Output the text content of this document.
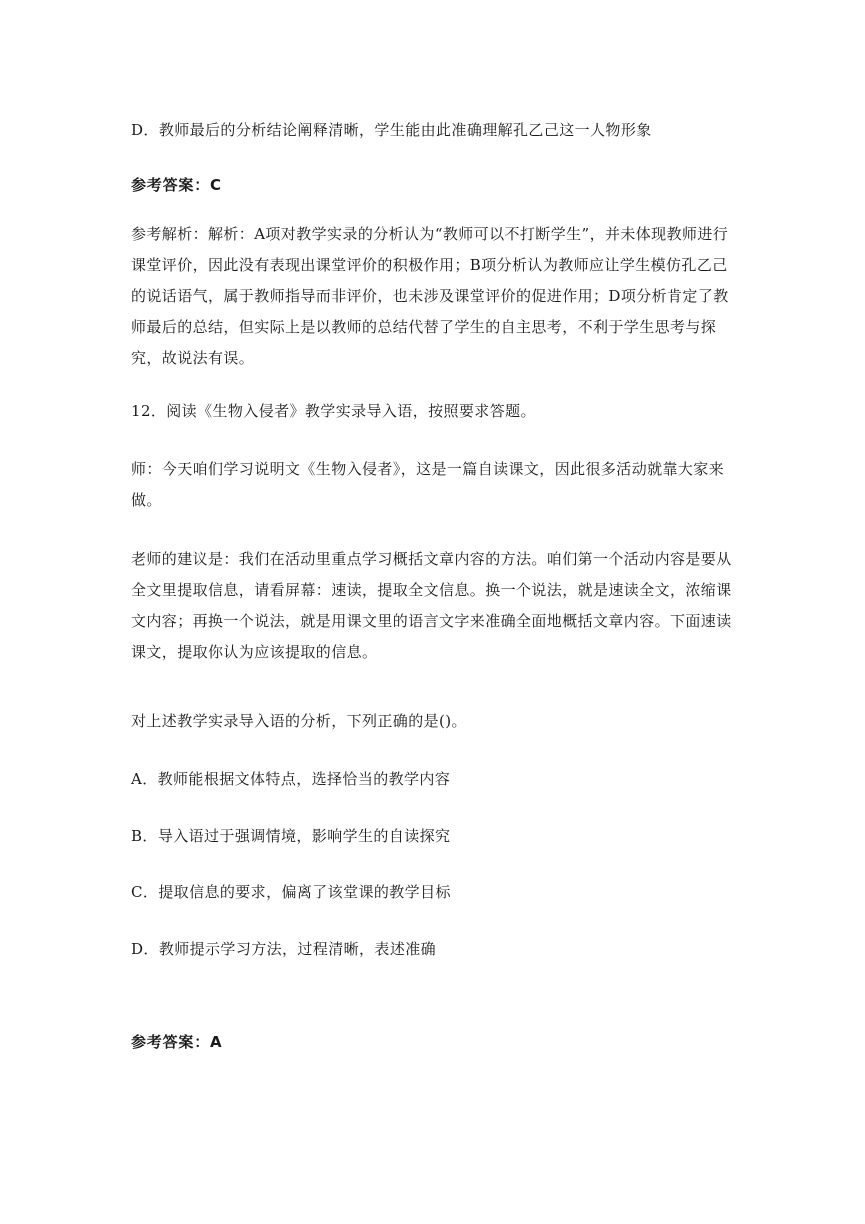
D．教师最后的分析结论阐释清晰，学生能由此准确理解孔乙己这一人物形象

参考答案：C

参考解析：解析：A项对教学实录的分析认为“教师可以不打断学生”，并未体现教师进行课堂评价，因此没有表现出课堂评价的积极作用；B项分析认为教师应让学生模仿孔乙己的说话语气，属于教师指导而非评价，也未涉及课堂评价的促进作用；D项分析肯定了教师最后的总结，但实际上是以教师的总结代替了学生的自主思考，不利于学生思考与探究，故说法有误。

12．阅读《生物入侵者》教学实录导入语，按照要求答题。

师：今天咱们学习说明文《生物入侵者》，这是一篇自读课文，因此很多活动就靠大家来做。

老师的建议是：我们在活动里重点学习概括文章内容的方法。咱们第一个活动内容是要从全文里提取信息，请看屏幕：速读，提取全文信息。换一个说法，就是速读全文，浓缩课文内容；再换一个说法，就是用课文里的语言文字来准确全面地概括文章内容。下面速读课文，提取你认为应该提取的信息。

对上述教学实录导入语的分析，下列正确的是()。

A．教师能根据文体特点，选择恰当的教学内容

B．导入语过于强调情境，影响学生的自读探究

C．提取信息的要求，偏离了该堂课的教学目标

D．教师提示学习方法，过程清晰，表述准确

参考答案：A
